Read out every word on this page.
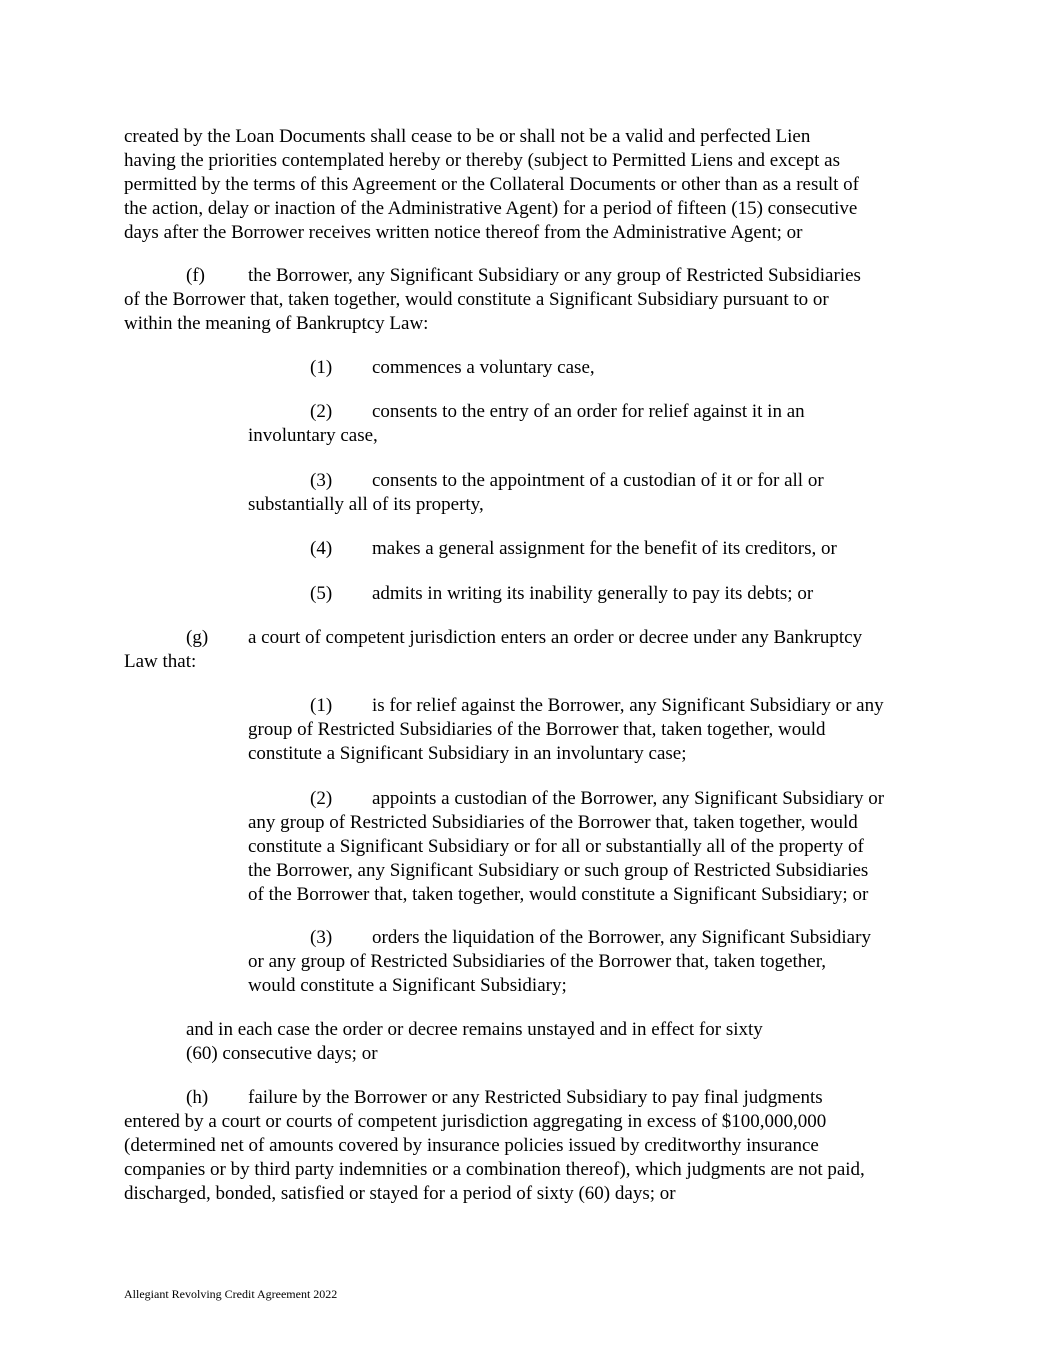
created by the Loan Documents shall cease to be or shall not be a valid and perfected Lien
having the priorities contemplated hereby or thereby (subject to Permitted Liens and except as
permitted by the terms of this Agreement or the Collateral Documents or other than as a result of
the action, delay or inaction of the Administrative Agent) for a period of fifteen (15) consecutive
days after the Borrower receives written notice thereof from the Administrative Agent; or
(f) the Borrower, any Significant Subsidiary or any group of Restricted Subsidiaries
of the Borrower that, taken together, would constitute a Significant Subsidiary pursuant to or
within the meaning of Bankruptcy Law:
(1) commences a voluntary case,
(2) consents to the entry of an order for relief against it in an
involuntary case,
(3) consents to the appointment of a custodian of it or for all or
substantially all of its property,
(4) makes a general assignment for the benefit of its creditors, or
(5) admits in writing its inability generally to pay its debts; or
(g) a court of competent jurisdiction enters an order or decree under any Bankruptcy
Law that:
(1) is for relief against the Borrower, any Significant Subsidiary or any
group of Restricted Subsidiaries of the Borrower that, taken together, would
constitute a Significant Subsidiary in an involuntary case;
(2) appoints a custodian of the Borrower, any Significant Subsidiary or
any group of Restricted Subsidiaries of the Borrower that, taken together, would
constitute a Significant Subsidiary or for all or substantially all of the property of
the Borrower, any Significant Subsidiary or such group of Restricted Subsidiaries
of the Borrower that, taken together, would constitute a Significant Subsidiary; or
(3) orders the liquidation of the Borrower, any Significant Subsidiary
or any group of Restricted Subsidiaries of the Borrower that, taken together,
would constitute a Significant Subsidiary;
and in each case the order or decree remains unstayed and in effect for sixty
(60) consecutive days; or
(h) failure by the Borrower or any Restricted Subsidiary to pay final judgments
entered by a court or courts of competent jurisdiction aggregating in excess of $100,000,000
(determined net of amounts covered by insurance policies issued by creditworthy insurance
companies or by third party indemnities or a combination thereof), which judgments are not paid,
discharged, bonded, satisfied or stayed for a period of sixty (60) days; or
Allegiant Revolving Credit Agreement 2022
